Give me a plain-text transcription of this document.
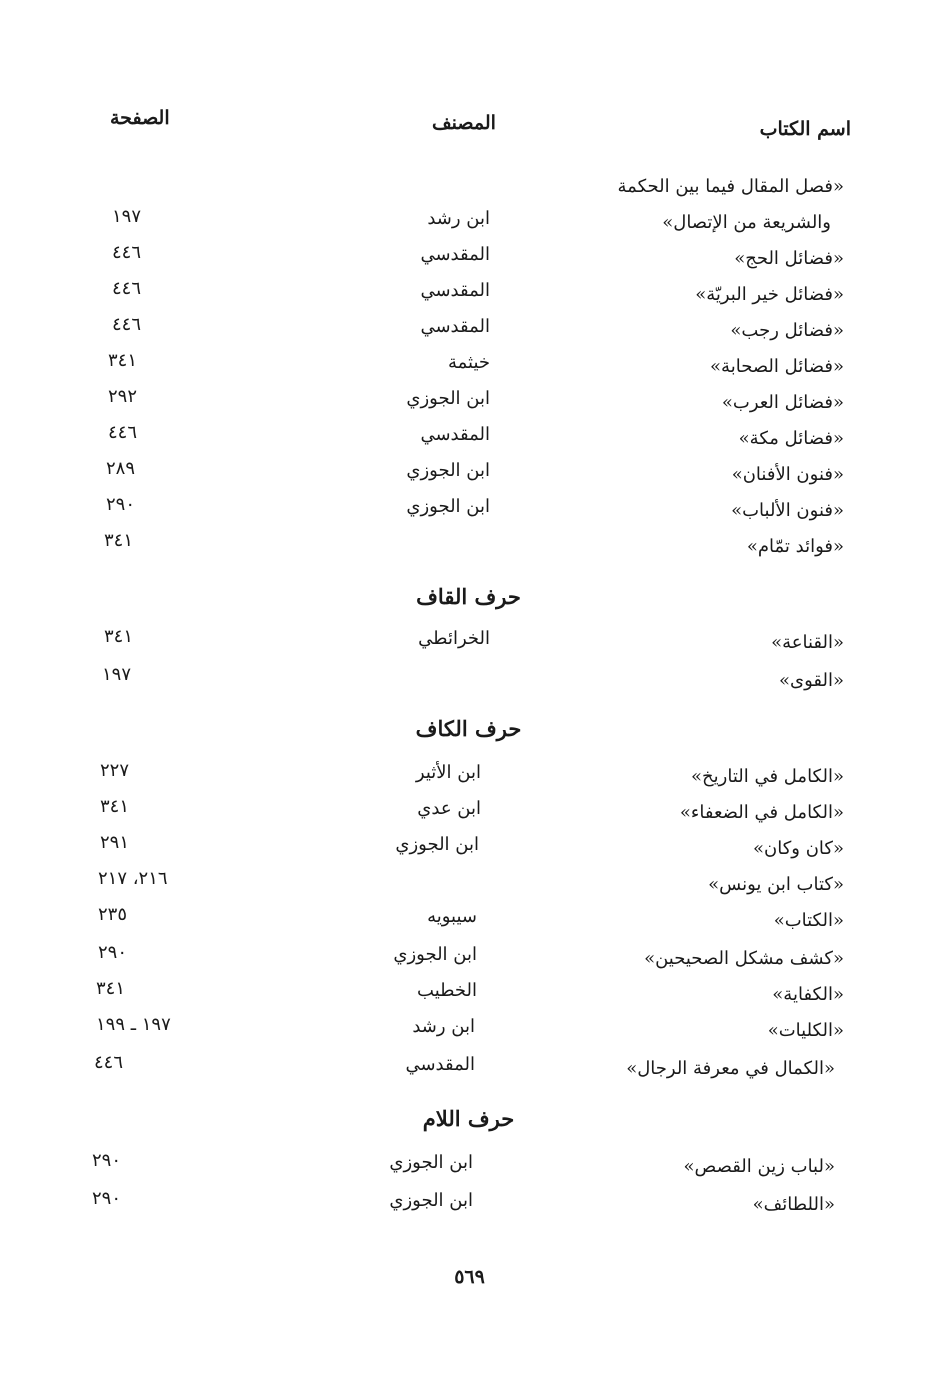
اسم الكتاب
المصنف
الصفحة
«فصل المقال فيما بين الحكمة
والشريعة من الإتصال»
ابن رشد
١٩٧
«فضائل الحج»
المقدسي
٤٤٦
«فضائل خير البريّة»
المقدسي
٤٤٦
«فضائل رجب»
المقدسي
٤٤٦
«فضائل الصحابة»
خيثمة
٣٤١
«فضائل العرب»
ابن الجوزي
٢٩٢
«فضائل مكة»
المقدسي
٤٤٦
«فنون الأفنان»
ابن الجوزي
٢٨٩
«فنون الألباب»
ابن الجوزي
٢٩٠
«فوائد تمّام»
٣٤١
حرف القاف
«القناعة»
الخرائطي
٣٤١
«القوى»
١٩٧
حرف الكاف
«الكامل في التاريخ»
ابن الأثير
٢٢٧
«الكامل في الضعفاء»
ابن عدي
٣٤١
«كان وكان»
ابن الجوزي
٢٩١
«كتاب ابن يونس»
٢١٦، ٢١٧
«الكتاب»
سيبويه
٢٣٥
«كشف مشكل الصحيحين»
ابن الجوزي
٢٩٠
«الكفاية»
الخطيب
٣٤١
«الكليات»
ابن رشد
١٩٧ ـ ١٩٩
«الكمال في معرفة الرجال»
المقدسي
٤٤٦
حرف اللام
«لباب زين القصص»
ابن الجوزي
٢٩٠
«اللطائف»
ابن الجوزي
٢٩٠
٥٦٩
